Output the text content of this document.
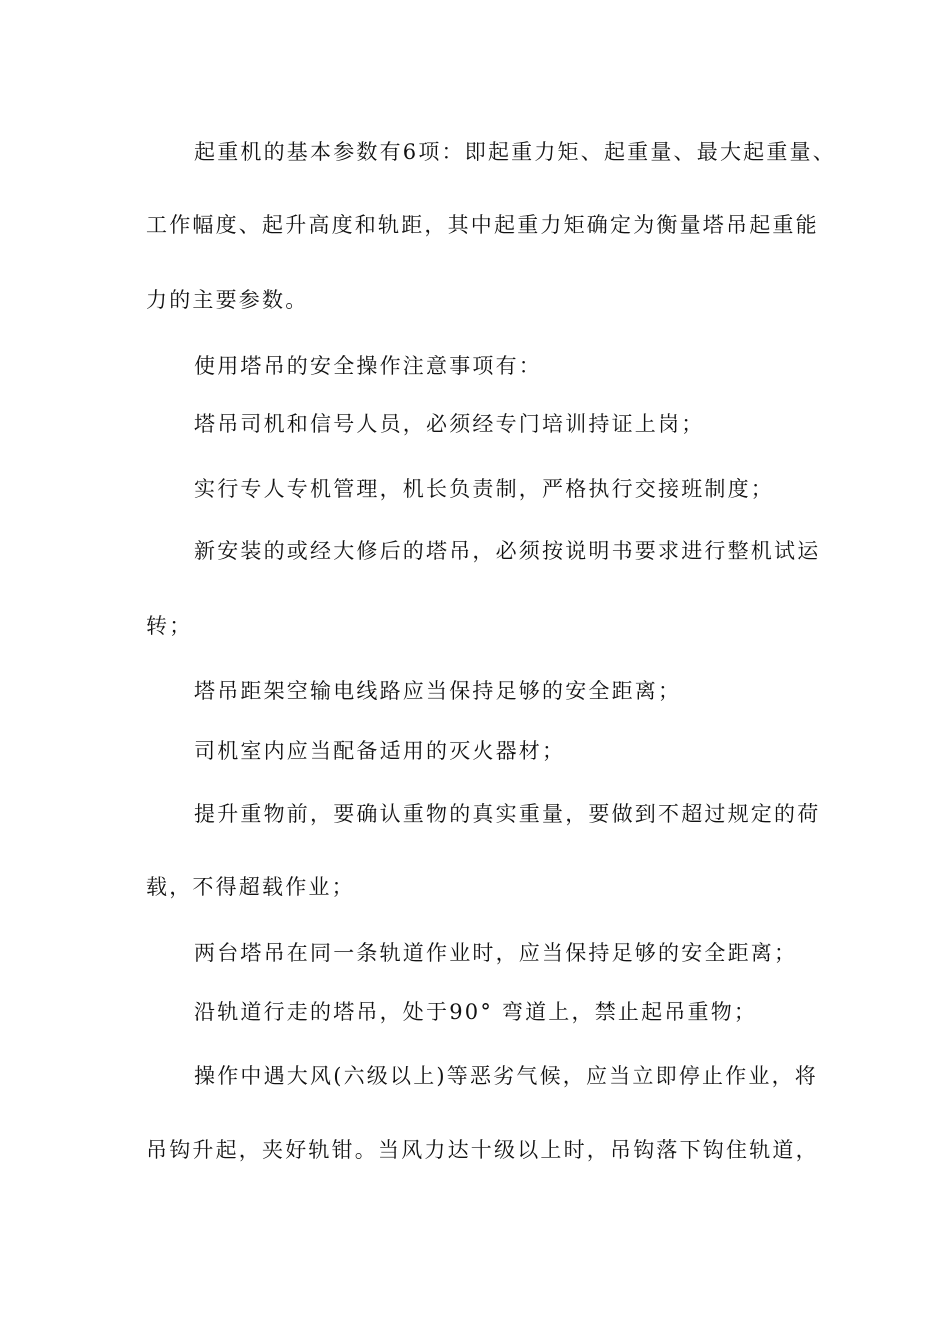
起重机的基本参数有6项：即起重力矩、起重量、最大起重量、
工作幅度、起升高度和轨距，其中起重力矩确定为衡量塔吊起重能
力的主要参数。
使用塔吊的安全操作注意事项有：
塔吊司机和信号人员，必须经专门培训持证上岗；
实行专人专机管理，机长负责制，严格执行交接班制度；
新安装的或经大修后的塔吊，必须按说明书要求进行整机试运
转；
塔吊距架空输电线路应当保持足够的安全距离；
司机室内应当配备适用的灭火器材；
提升重物前，要确认重物的真实重量，要做到不超过规定的荷
载，不得超载作业；
两台塔吊在同一条轨道作业时，应当保持足够的安全距离；
沿轨道行走的塔吊，处于90° 弯道上，禁止起吊重物；
操作中遇大风(六级以上)等恶劣气候，应当立即停止作业，将
吊钩升起，夹好轨钳。当风力达十级以上时，吊钩落下钩住轨道，
